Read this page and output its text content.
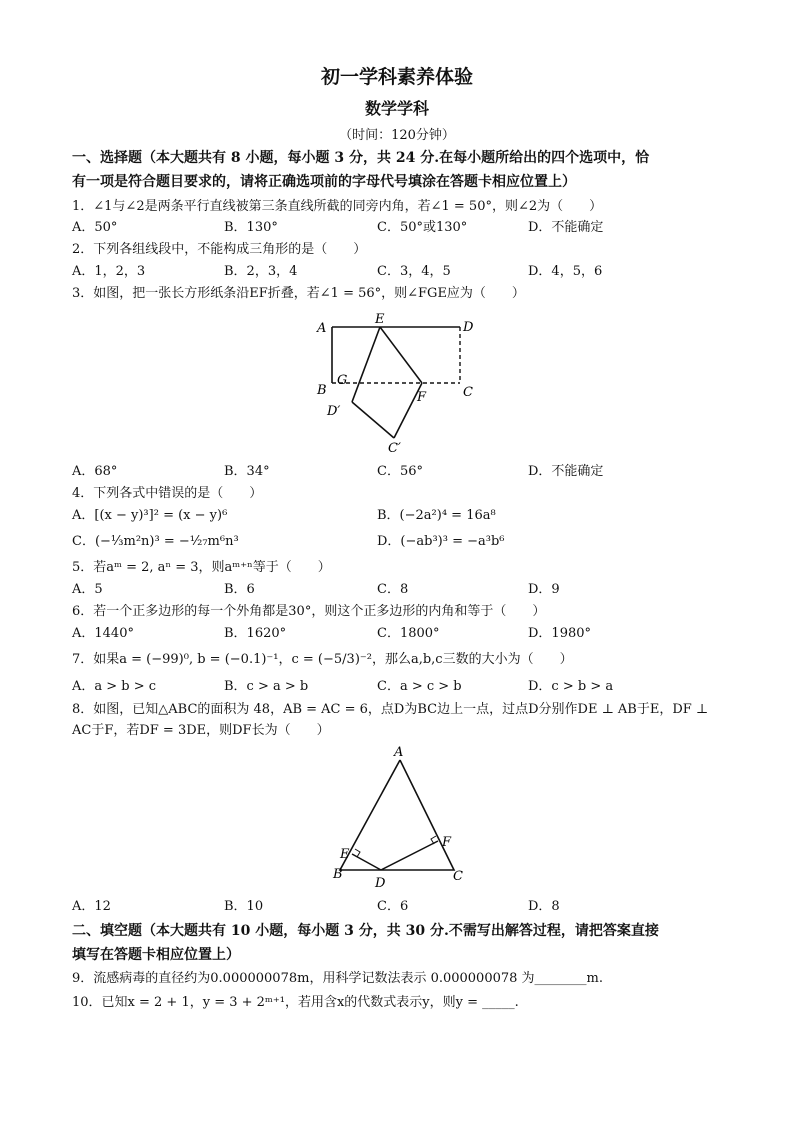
初一学科素养体验
数学学科
（时间：120分钟）
一、选择题（本大题共有 8 小题，每小题 3 分，共 24 分.在每小题所给出的四个选项中，恰
有一项是符合题目要求的，请将正确选项前的字母代号填涂在答题卡相应位置上）
1．∠1与∠2是两条平行直线被第三条直线所截的同旁内角，若∠1 = 50°，则∠2为（　　）
A．50°	B．130°	C．50°或130°	D．不能确定
2．下列各组线段中，不能构成三角形的是（　　）
A．1，2，3	B．2，3，4	C．3，4，5	D．4，5，6
3．如图，把一张长方形纸条沿EF折叠，若∠1 = 56°，则∠FGE应为（　　）
A
E
D
B
G
F	C
D′
C′
A．68°	B．34°	C．56°	D．不能确定
4．下列各式中错误的是（　　）
A．[(x − y)³]² = (x − y)⁶	B．(−2a²)⁴ = 16a⁸
C．(−⅓m²n)³ = −¹⁄₂₇m⁶n³	D．(−ab³)³ = −a³b⁶
5．若aᵐ = 2, aⁿ = 3，则aᵐ⁺ⁿ等于（　　）
A．5	B．6	C．8	D．9
6．若一个正多边形的每一个外角都是30°，则这个正多边形的内角和等于（　　）
A．1440°	B．1620°	C．1800°	D．1980°
7．如果a = (−99)⁰, b = (−0.1)⁻¹，c = (−5/3)⁻²，那么a,b,c三数的大小为（　　）
A．a > b > c	B．c > a > b	C．a > c > b	D．c > b > a
8．如图，已知△ABC的面积为 48，AB = AC = 6，点D为BC边上一点，过点D分别作DE ⊥ AB于E，DF ⊥
AC于F，若DF = 3DE，则DF长为（　　）
A
E
F
B
D	C
A．12	B．10	C．6	D．8
二、填空题（本大题共有 10 小题，每小题 3 分，共 30 分.不需写出解答过程，请把答案直接
填写在答题卡相应位置上）
9．流感病毒的直径约为0.000000078m，用科学记数法表示 0.000000078 为________m.
10．已知x = 2 + 1，y = 3 + 2ᵐ⁺¹，若用含x的代数式表示y，则y = _____.
